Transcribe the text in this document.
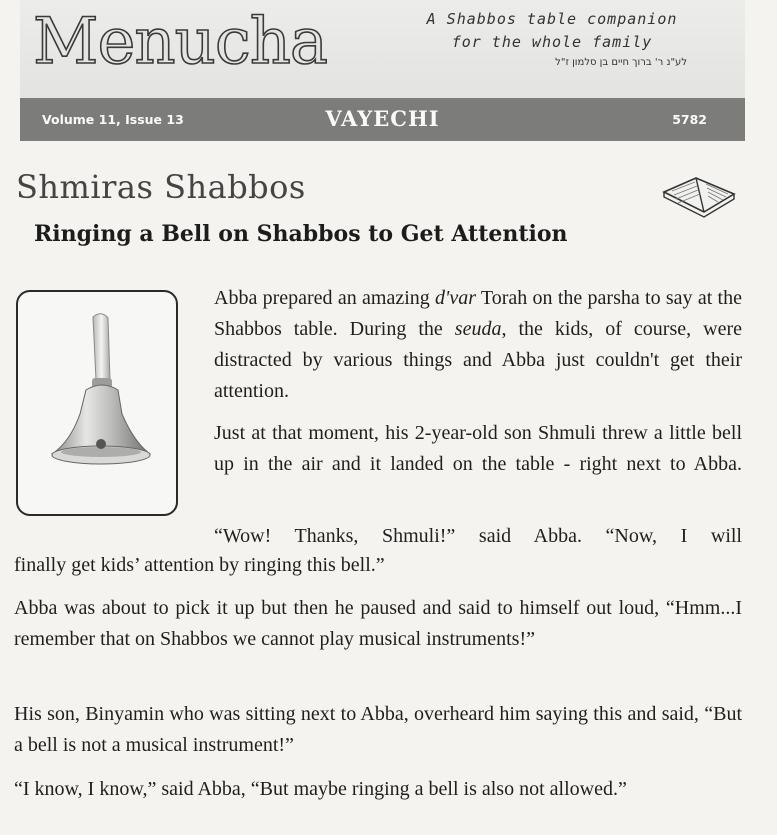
Menucha	A Shabbos table companion
for the whole family
לע"נ ר' ברוך חיים בן סלמון ז"ל
Volume 11, Issue 13	VAYECHI	5782
Shmiras Shabbos
Ringing a Bell on Shabbos to Get Attention

Abba prepared an amazing d'var Torah on the parsha to say at the Shabbos table. During the seuda, the kids, of course, were distracted by various things and Abba just couldn't get their attention.

Just at that moment, his 2-year-old son Shmuli threw a little bell up in the air and it landed on the table - right next to Abba.

“Wow! Thanks, Shmuli!” said Abba. “Now, I will

finally get kids’ attention by ringing this bell.”

Abba was about to pick it up but then he paused and said to himself out loud, “Hmm...I remember that on Shabbos we cannot play musical instruments!”

His son, Binyamin who was sitting next to Abba, overheard him saying this and said, “But a bell is not a musical instrument!”

“I know, I know,” said Abba, “But maybe ringing a bell is also not allowed.”
